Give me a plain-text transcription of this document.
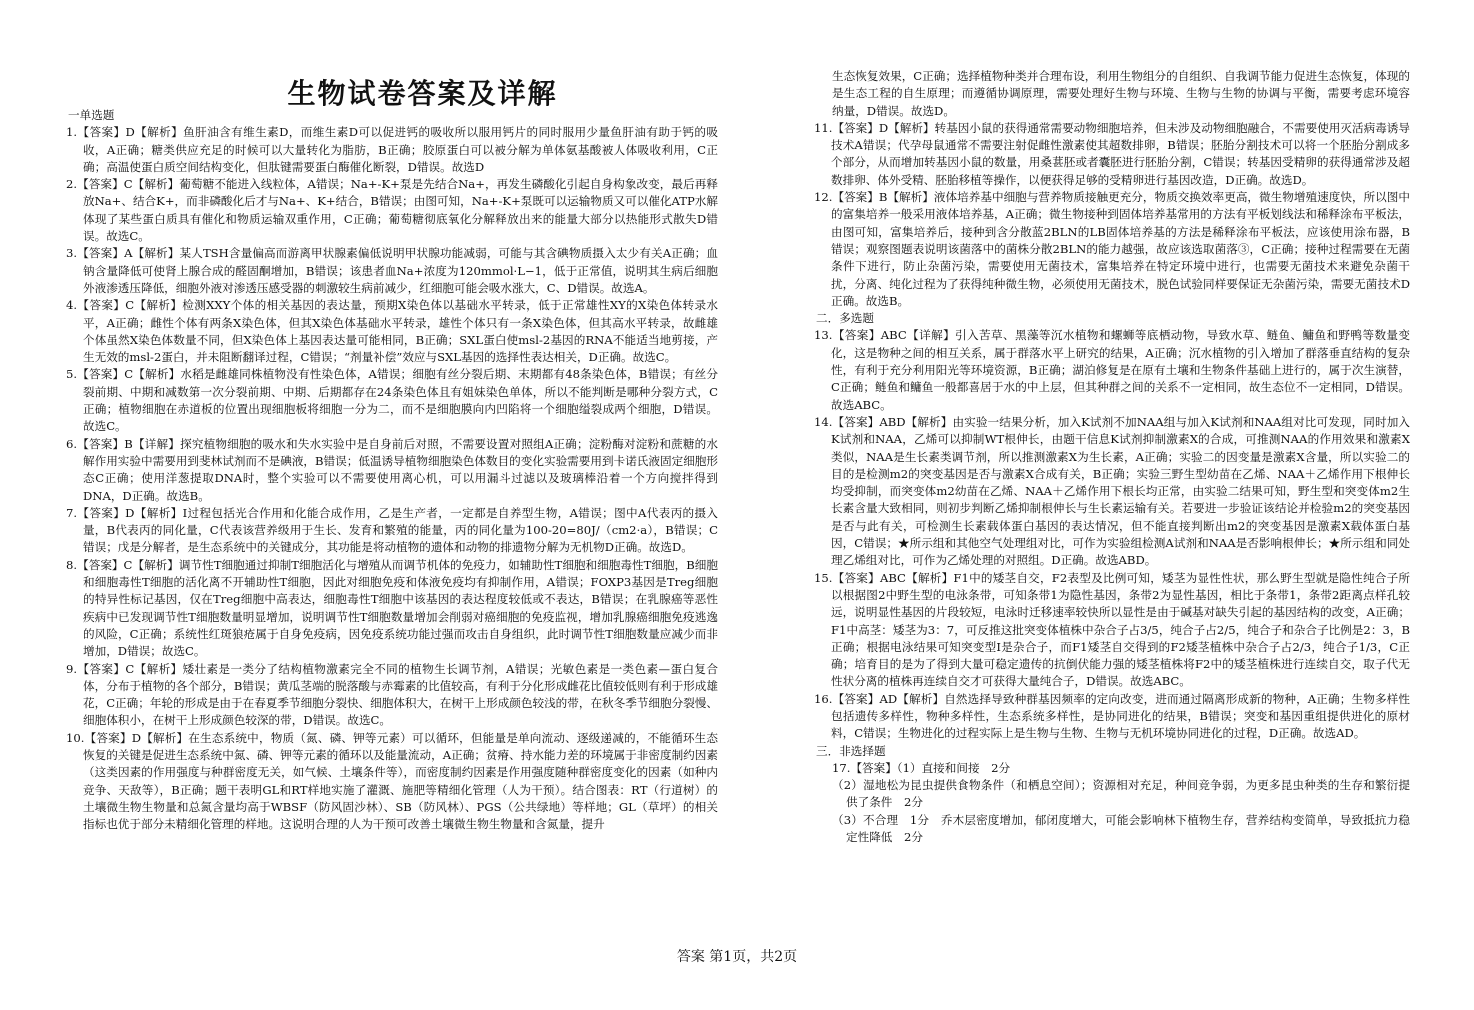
生物试卷答案及详解

一单选题

1.【答案】D【解析】鱼肝油含有维生素D，而维生素D可以促进钙的吸收所以服用钙片的同时服用少量鱼肝油有助于钙的吸收，A正确；糖类供应充足的时候可以大量转化为脂肪，B正确；胶原蛋白可以被分解为单体氨基酸被人体吸收利用，C正确；高温使蛋白质空间结构变化，但肽键需要蛋白酶催化断裂，D错误。故选D

2.【答案】C【解析】葡萄糖不能进入线粒体，A错误；Na+-K+泵是先结合Na+，再发生磷酸化引起自身构象改变，最后再释放Na+、结合K+，而非磷酸化后才与Na+、K+结合，B错误；由图可知，Na+-K+泵既可以运输物质又可以催化ATP水解体现了某些蛋白质具有催化和物质运输双重作用，C正确；葡萄糖彻底氧化分解释放出来的能量大部分以热能形式散失D错误。故选C。

3.【答案】A【解析】某人TSH含量偏高而游离甲状腺素偏低说明甲状腺功能减弱，可能与其含碘物质摄入太少有关A正确；血钠含量降低可使肾上腺合成的醛固酮增加，B错误；该患者血Na+浓度为120mmol·L−1，低于正常值，说明其生病后细胞外液渗透压降低，细胞外液对渗透压感受器的刺激较生病前减少，红细胞可能会吸水涨大，C、D错误。故选A。

4.【答案】C【解析】检测XXY个体的相关基因的表达量，预期X染色体以基础水平转录，低于正常雄性XY的X染色体转录水平，A正确；雌性个体有两条X染色体，但其X染色体基础水平转录，雄性个体只有一条X染色体，但其高水平转录，故雌雄个体虽然X染色体数量不同，但X染色体上基因表达量可能相同，B正确；SXL蛋白使msl-2基因的RNA不能适当地剪接，产生无效的msl-2蛋白，并未阻断翻译过程，C错误；“剂量补偿”效应与SXL基因的选择性表达相关，D正确。故选C。

5.【答案】C【解析】水稻是雌雄同株植物没有性染色体，A错误；细胞有丝分裂后期、末期都有48条染色体，B错误；有丝分裂前期、中期和减数第一次分裂前期、中期、后期都存在24条染色体且有姐妹染色单体，所以不能判断是哪种分裂方式，C正确；植物细胞在赤道板的位置出现细胞板将细胞一分为二，而不是细胞膜向内凹陷将一个细胞缢裂成两个细胞，D错误。故选C。

6.【答案】B【详解】探究植物细胞的吸水和失水实验中是自身前后对照，不需要设置对照组A正确；淀粉酶对淀粉和蔗糖的水解作用实验中需要用到斐林试剂而不是碘液，B错误；低温诱导植物细胞染色体数目的变化实验需要用到卡诺氏液固定细胞形态C正确；使用洋葱提取DNA时，整个实验可以不需要使用离心机，可以用漏斗过滤以及玻璃棒沿着一个方向搅拌得到DNA，D正确。故选B。

7.【答案】D【解析】I过程包括光合作用和化能合成作用，乙是生产者，一定都是自养型生物，A错误；图中A代表丙的摄入量，B代表丙的同化量，C代表该营养级用于生长、发育和繁殖的能量，丙的同化量为100-20=80J/（cm2·a），B错误；C错误；戊是分解者，是生态系统中的关键成分，其功能是将动植物的遗体和动物的排遗物分解为无机物D正确。故选D。

8.【答案】C【解析】调节性T细胞通过抑制T细胞活化与增殖从而调节机体的免疫力，如辅助性T细胞和细胞毒性T细胞，B细胞和细胞毒性T细胞的活化离不开辅助性T细胞，因此对细胞免疫和体液免疫均有抑制作用，A错误；FOXP3基因是Treg细胞的特异性标记基因，仅在Treg细胞中高表达，细胞毒性T细胞中该基因的表达程度较低或不表达，B错误；在乳腺癌等恶性疾病中已发现调节性T细胞数量明显增加，说明调节性T细胞数量增加会削弱对癌细胞的免疫监视，增加乳腺癌细胞免疫逃逸的风险，C正确；系统性红斑狼疮属于自身免疫病，因免疫系统功能过强而攻击自身组织，此时调节性T细胞数量应减少而非增加，D错误；故选C。

9.【答案】C【解析】矮壮素是一类分了结构植物激素完全不同的植物生长调节剂，A错误；光敏色素是一类色素—蛋白复合体，分布于植物的各个部分，B错误；黄瓜茎端的脱落酸与赤霉素的比值较高，有利于分化形成雌花比值较低则有利于形成雄花，C正确；年轮的形成是由于在春夏季节细胞分裂快、细胞体积大，在树干上形成颜色较浅的带，在秋冬季节细胞分裂慢、细胞体积小，在树干上形成颜色较深的带，D错误。故选C。

10.【答案】D【解析】在生态系统中，物质（氮、磷、钾等元素）可以循环，但能量是单向流动、逐级递减的，不能循环生态恢复的关键是促进生态系统中氮、磷、钾等元素的循环以及能量流动，A正确；贫瘠、持水能力差的环境属于非密度制约因素（这类因素的作用强度与种群密度无关，如气候、土壤条件等），而密度制约因素是作用强度随种群密度变化的因素（如种内竞争、天敌等），B正确；题干表明GL和RT样地实施了灌溉、施肥等精细化管理（人为干预）。结合图表：RT（行道树）的土壤微生物生物量和总氮含量均高于WBSF（防风固沙林）、SB（防风林）、PGS（公共绿地）等样地；GL（草坪）的相关指标也优于部分未精细化管理的样地。这说明合理的人为干预可改善土壤微生物生物量和含氮量，提升

生态恢复效果，C正确；选择植物种类并合理布设，利用生物组分的自组织、自我调节能力促进生态恢复，体现的是生态工程的自生原理；而遵循协调原理，需要处理好生物与环境、生物与生物的协调与平衡，需要考虑环境容纳量，D错误。故选D。

11.【答案】D【解析】转基因小鼠的获得通常需要动物细胞培养，但未涉及动物细胞融合，不需要使用灭活病毒诱导技术A错误；代孕母鼠通常不需要注射促雌性激素使其超数排卵，B错误；胚胎分割技术可以将一个胚胎分割成多个部分，从而增加转基因小鼠的数量，用桑葚胚或者囊胚进行胚胎分割，C错误；转基因受精卵的获得通常涉及超数排卵、体外受精、胚胎移植等操作，以便获得足够的受精卵进行基因改造，D正确。故选D。

12.【答案】B【解析】液体培养基中细胞与营养物质接触更充分，物质交换效率更高，微生物增殖速度快，所以图中的富集培养一般采用液体培养基，A正确；微生物接种到固体培养基常用的方法有平板划线法和稀释涂布平板法，由图可知，富集培养后，接种到含分散蓝2BLN的LB固体培养基的方法是稀释涂布平板法，应该使用涂布器，B错误；观察图题表说明该菌落中的菌株分散2BLN的能力越强，故应该选取菌落③，C正确；接种过程需要在无菌条件下进行，防止杂菌污染，需要使用无菌技术，富集培养在特定环境中进行，也需要无菌技术来避免杂菌干扰，分离、纯化过程为了获得纯种微生物，必须使用无菌技术，脱色试验同样要保证无杂菌污染，需要无菌技术D正确。故选B。

二．多选题

13.【答案】ABC【详解】引入苦草、黑藻等沉水植物和螺蛳等底栖动物，导致水草、鲢鱼、鳙鱼和野鸭等数量变化，这是物种之间的相互关系，属于群落水平上研究的结果，A正确；沉水植物的引入增加了群落垂直结构的复杂性，有利于充分利用阳光等环境资源，B正确；湖泊修复是在原有土壤和生物条件基础上进行的，属于次生演替，C正确；鲢鱼和鳙鱼一般都喜居于水的中上层，但其种群之间的关系不一定相同，故生态位不一定相同，D错误。故选ABC。

14.【答案】ABD【解析】由实验一结果分析，加入K试剂不加NAA组与加入K试剂和NAA组对比可发现，同时加入K试剂和NAA，乙烯可以抑制WT根伸长，由题干信息K试剂抑制激素X的合成，可推测NAA的作用效果和激素X类似，NAA是生长素类调节剂，所以推测激素X为生长素，A正确；实验二的因变量是激素X含量，所以实验二的目的是检测m2的突变基因是否与激素X合成有关，B正确；实验三野生型幼苗在乙烯、NAA＋乙烯作用下根伸长均受抑制，而突变体m2幼苗在乙烯、NAA＋乙烯作用下根长均正常，由实验二结果可知，野生型和突变体m2生长素含量大致相同，则初步判断乙烯抑制根伸长与生长素运输有关。若要进一步验证该结论并检验m2的突变基因是否与此有关，可检测生长素载体蛋白基因的表达情况，但不能直接判断出m2的突变基因是激素X载体蛋白基因，C错误；★所示组和其他空气处理组对比，可作为实验组检测A试剂和NAA是否影响根伸长；★所示组和同处理乙烯组对比，可作为乙烯处理的对照组。D正确。故选ABD。

15.【答案】ABC【解析】F1中的矮茎自交，F2表型及比例可知，矮茎为显性性状，那么野生型就是隐性纯合子所以根据图2中野生型的电泳条带，可知条带1为隐性基因，条带2为显性基因，相比于条带1，条带2距离点样孔较远，说明显性基因的片段较短，电泳时迁移速率较快所以显性是由于碱基对缺失引起的基因结构的改变，A正确；F1中高茎：矮茎为3：7，可反推这批突变体植株中杂合子占3/5，纯合子占2/5，纯合子和杂合子比例是2：3，B正确；根据电泳结果可知突变型Ⅰ是杂合子，而F1矮茎自交得到的F2矮茎植株中杂合子占2/3，纯合子1/3，C正确；培育目的是为了得到大量可稳定遗传的抗倒伏能力强的矮茎植株将F2中的矮茎植株进行连续自交，取子代无性状分离的植株再连续自交才可获得大量纯合子，D错误。故选ABC。

16.【答案】AD【解析】自然选择导致种群基因频率的定向改变，进而通过隔离形成新的物种，A正确；生物多样性包括遗传多样性，物种多样性，生态系统多样性，是协同进化的结果，B错误；突变和基因重组提供进化的原材料，C错误；生物进化的过程实际上是生物与生物、生物与无机环境协同进化的过程，D正确。故选AD。

三．非选择题

17.【答案】（1）直接和间接　2分

（2）湿地松为昆虫提供食物条件（和栖息空间）；资源相对充足，种间竞争弱，为更多昆虫种类的生存和繁衍提供了条件　2分

（3）不合理　1分　乔木层密度增加，郁闭度增大，可能会影响林下植物生存，营养结构变简单，导致抵抗力稳定性降低　2分

答案 第1页，共2页
